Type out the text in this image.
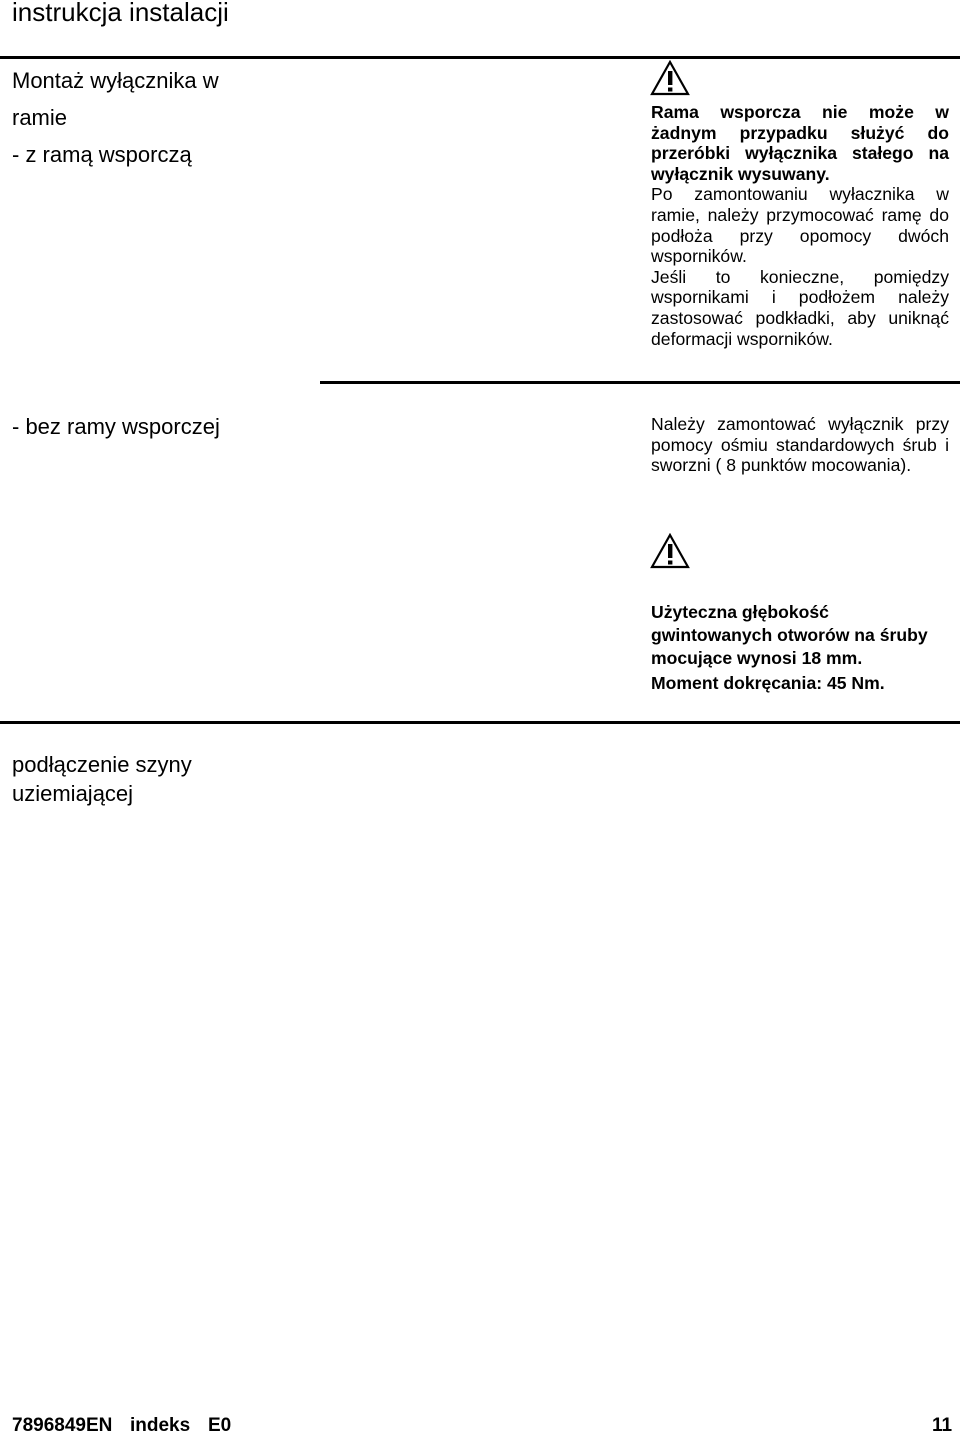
instrukcja instalacji
Montaż wyłącznika w
ramie
- z ramą wsporczą

Rama wsporcza nie może w żadnym przypadku służyć do przeróbki wyłącznika stałego na wyłącznik wysuwany.

Po zamontowaniu wyłacznika w ramie, należy przymocować ramę do podłoża przy opomocy dwóch wsporników.

Jeśli to konieczne, pomiędzy wspornikami i podłożem należy zastosować podkładki, aby uniknąć deformacji wsporników.

- bez ramy wsporczej	Należy zamontować wyłącznik przy pomocy ośmiu standardowych śrub i sworzni ( 8 punktów mocowania).
Użyteczna głębokość gwintowanych otworów na śruby mocujące wynosi 18 mm.
Moment dokręcania: 45 Nm.
podłączenie szyny
uziemiającej
7896849EN indeks E0	11
